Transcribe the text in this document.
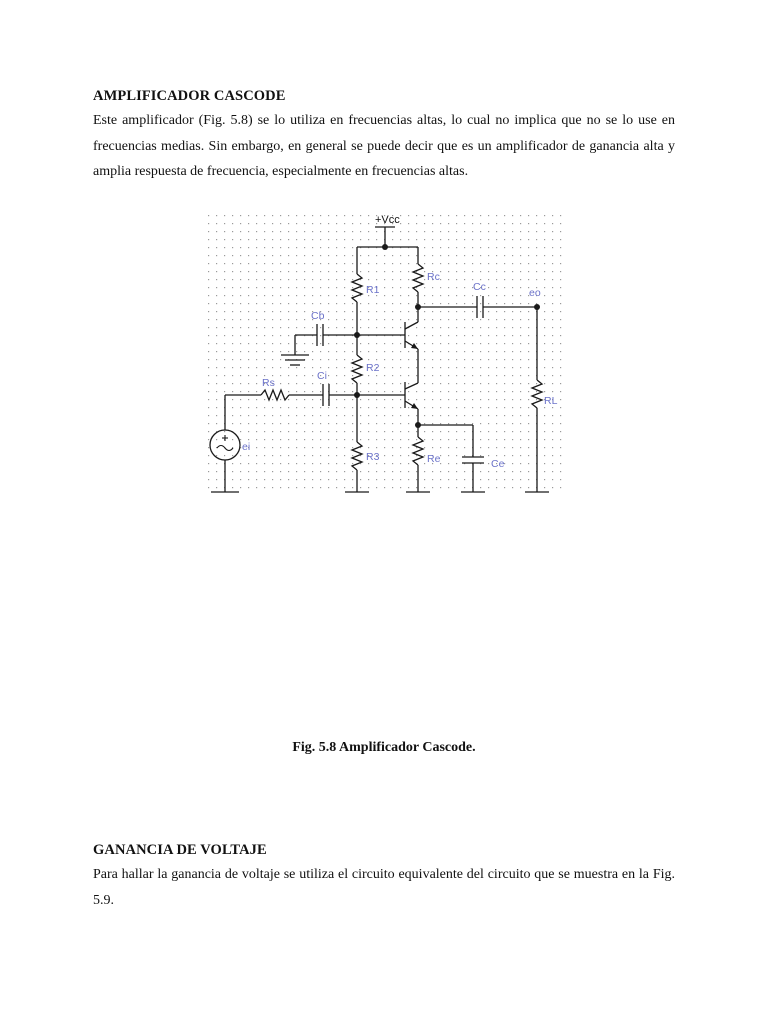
AMPLIFICADOR CASCODE

Este amplificador (Fig. 5.8) se lo utiliza en frecuencias altas, lo cual no implica que no se lo use en frecuencias medias. Sin embargo, en general se puede decir que es un amplificador de ganancia alta y amplia respuesta de frecuencia, especialmente en frecuencias altas.

+Vcc
Rc
R1	Cc	eo
Cb
R2
Rs
Ci
RL
ei
R3	Re	Ce
Fig. 5.8 Amplificador Cascode.
GANANCIA DE VOLTAJE

Para hallar la ganancia de voltaje se utiliza el circuito equivalente del circuito que se muestra en la Fig. 5.9.
